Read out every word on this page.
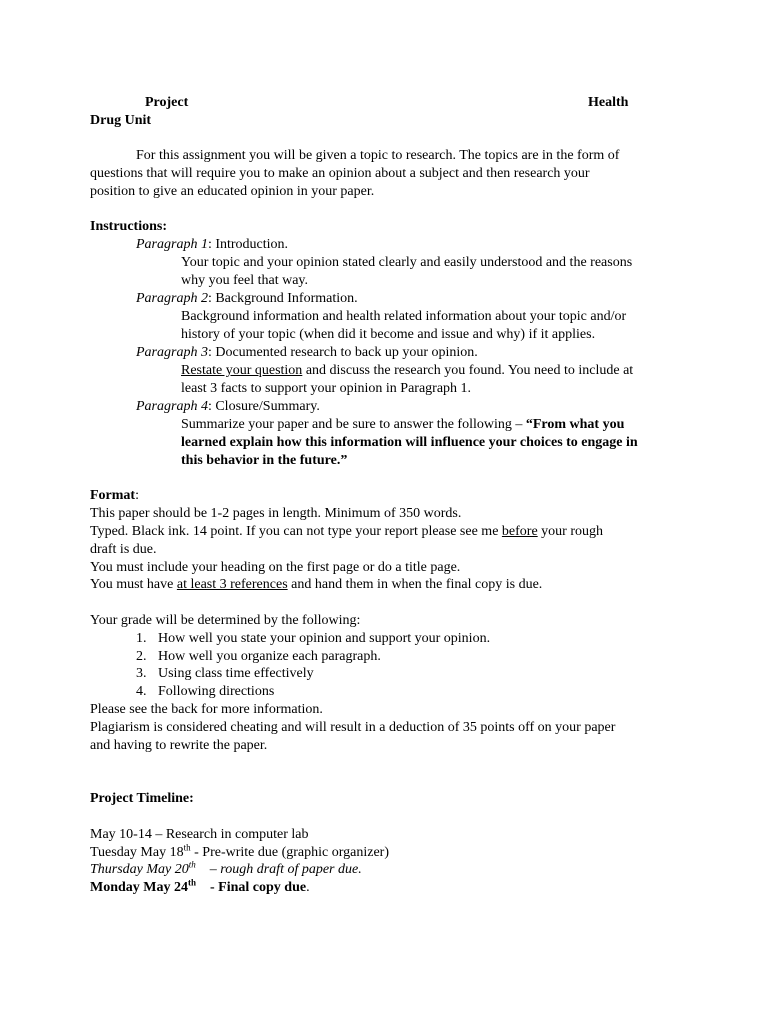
Project	Health
Drug Unit
For this assignment you will be given a topic to research. The topics are in the form of
questions that will require you to make an opinion about a subject and then research your
position to give an educated opinion in your paper.
Instructions:
Paragraph 1: Introduction.
Your topic and your opinion stated clearly and easily understood and the reasons
why you feel that way.
Paragraph 2: Background Information.
Background information and health related information about your topic and/or
history of your topic (when did it become and issue and why) if it applies.
Paragraph 3: Documented research to back up your opinion.
Restate your question and discuss the research you found. You need to include at
least 3 facts to support your opinion in Paragraph 1.
Paragraph 4: Closure/Summary.
Summarize your paper and be sure to answer the following – “From what you
learned explain how this information will influence your choices to engage in
this behavior in the future.”
Format:
This paper should be 1-2 pages in length. Minimum of 350 words.
Typed. Black ink. 14 point. If you can not type your report please see me before your rough
draft is due.
You must include your heading on the first page or do a title page.
You must have at least 3 references and hand them in when the final copy is due.
Your grade will be determined by the following:
1. How well you state your opinion and support your opinion.
2. How well you organize each paragraph.
3. Using class time effectively
4. Following directions
Please see the back for more information.
Plagiarism is considered cheating and will result in a deduction of 35 points off on your paper
and having to rewrite the paper.
Project Timeline:
May 10-14 – Research in computer lab
Tuesday May 18th - Pre-write due (graphic organizer)
Thursday May 20th – rough draft of paper due.
Monday May 24th - Final copy due.
